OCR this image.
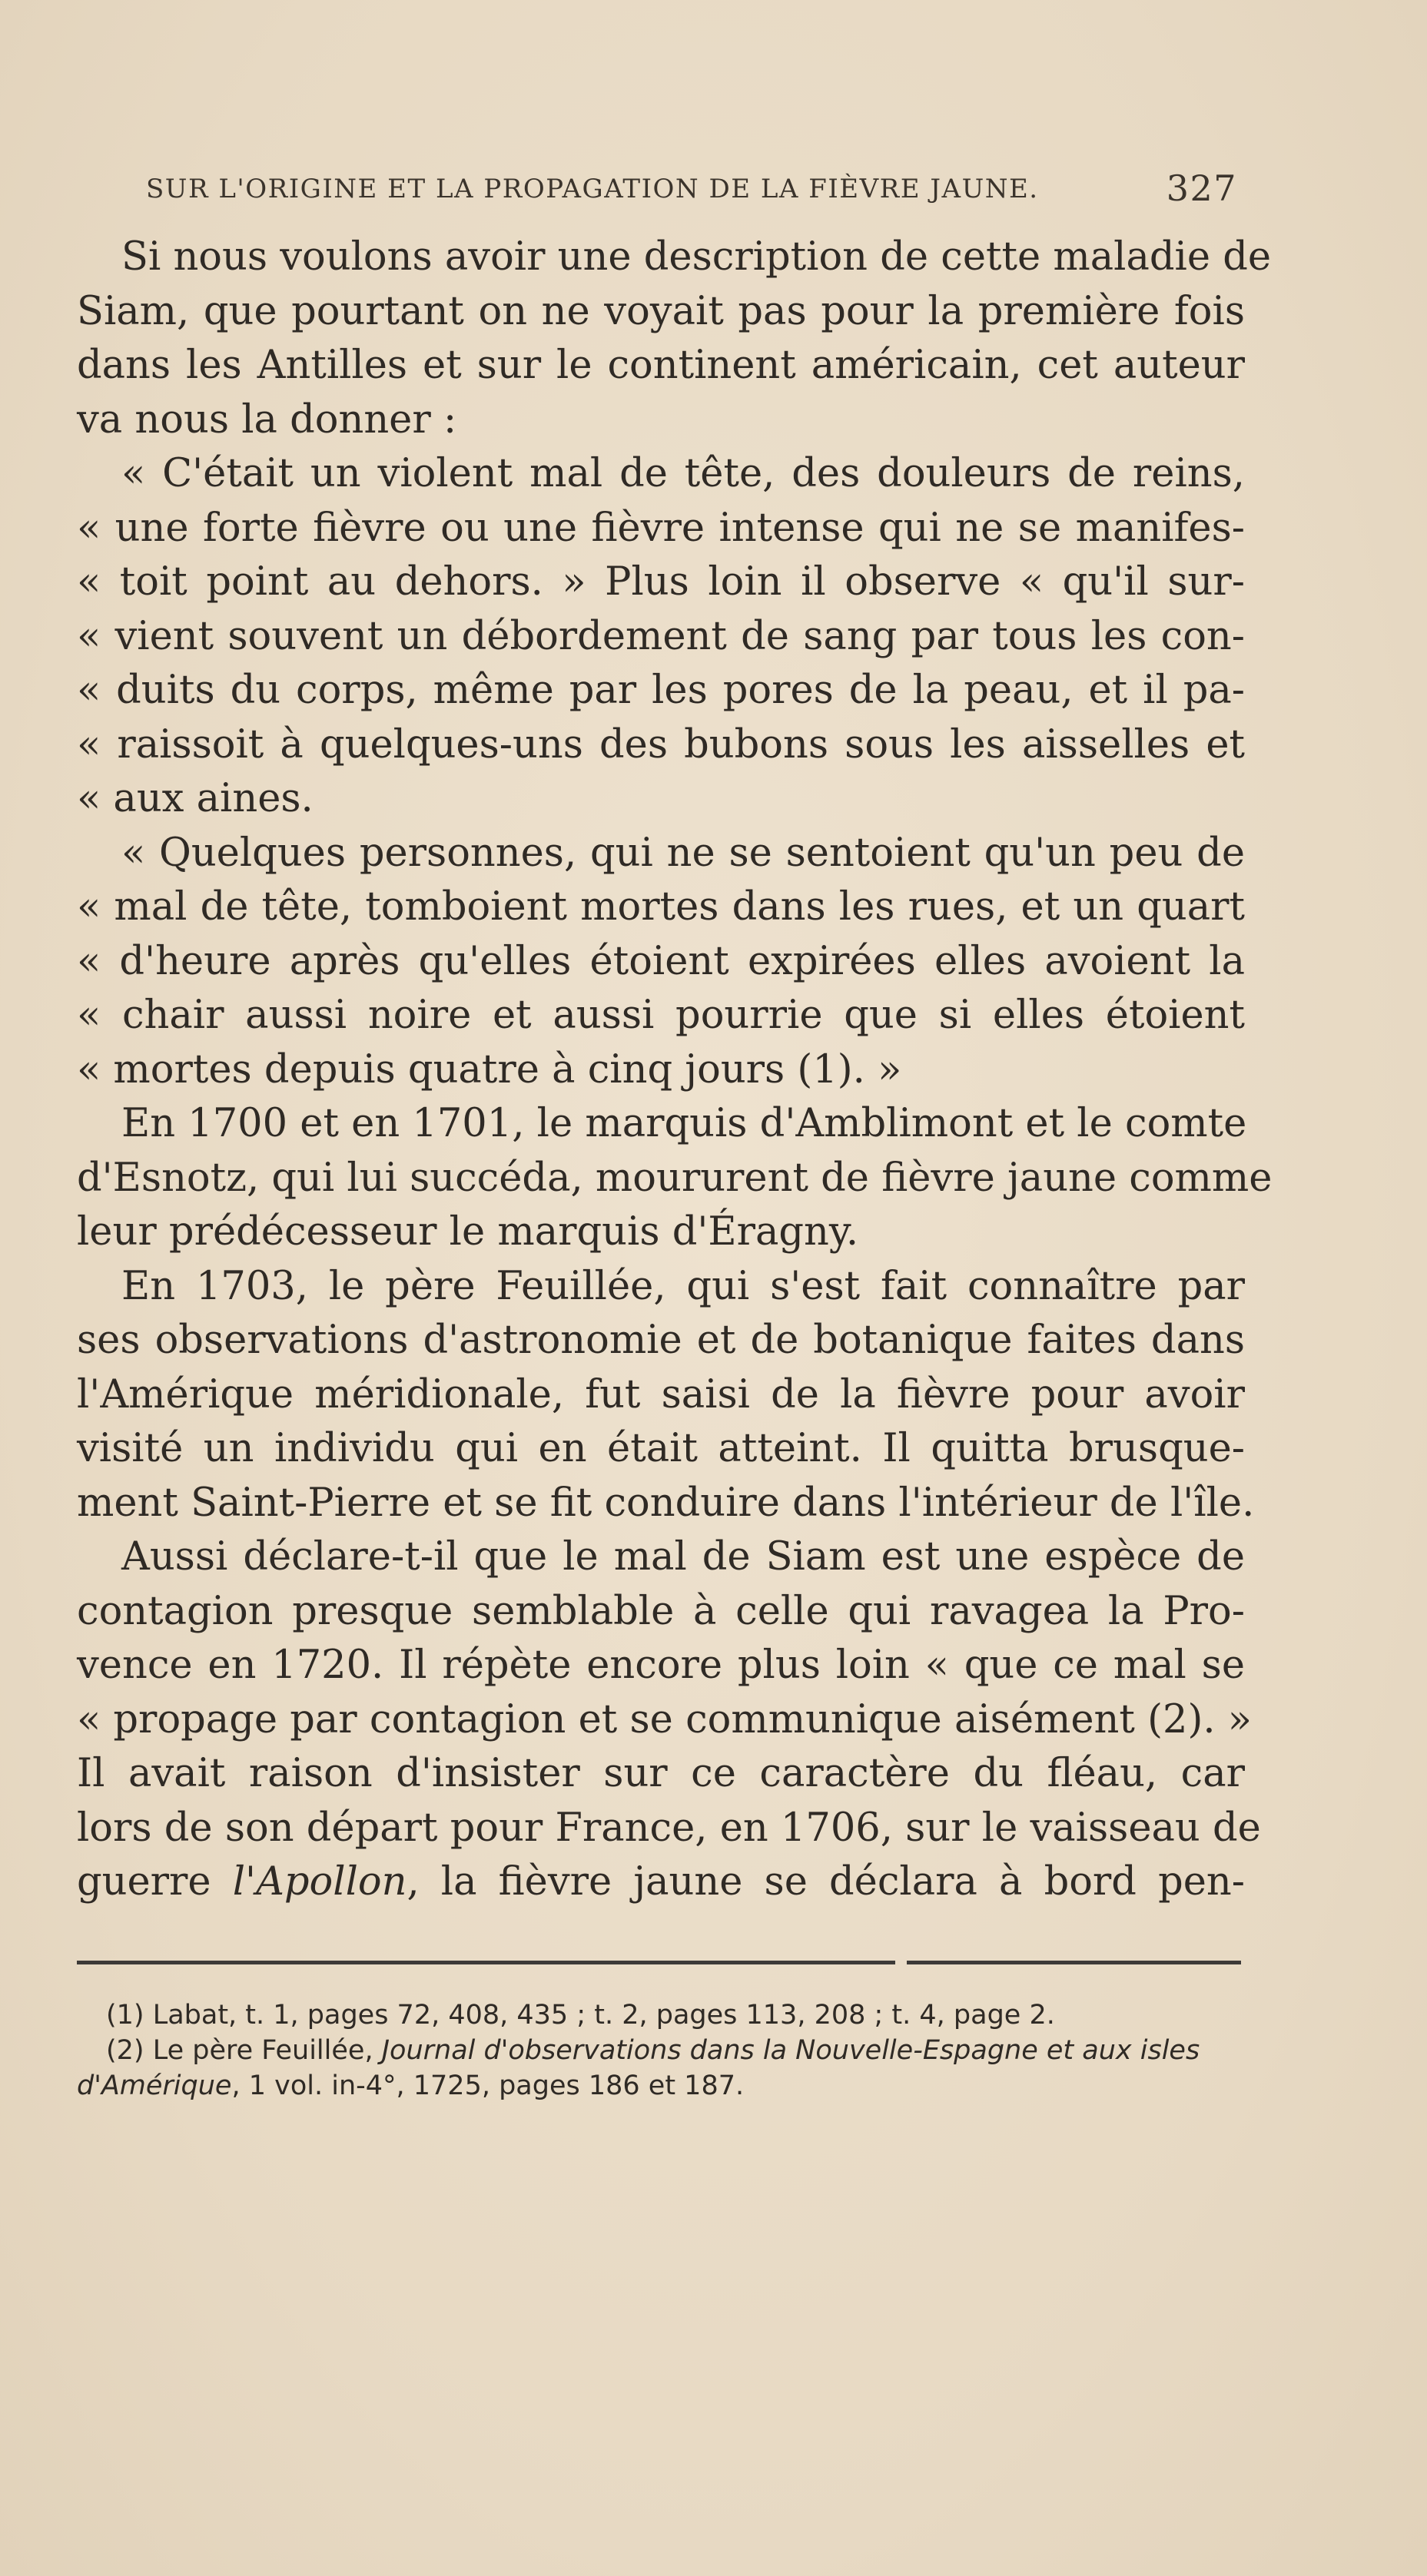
SUR L'ORIGINE ET LA PROPAGATION DE LA FIÈVRE JAUNE.	327
Si nous voulons avoir une description de cette maladie de
Siam, que pourtant on ne voyait pas pour la première fois
dans les Antilles et sur le continent américain, cet auteur
va nous la donner :
« C'était un violent mal de tête, des douleurs de reins,
« une forte fièvre ou une fièvre intense qui ne se manifes-
« toit point au dehors. » Plus loin il observe « qu'il sur-
« vient souvent un débordement de sang par tous les con-
« duits du corps, même par les pores de la peau, et il pa-
« raissoit à quelques-uns des bubons sous les aisselles et
« aux aines.
« Quelques personnes, qui ne se sentoient qu'un peu de
« mal de tête, tomboient mortes dans les rues, et un quart
« d'heure après qu'elles étoient expirées elles avoient la
« chair aussi noire et aussi pourrie que si elles étoient
« mortes depuis quatre à cinq jours (1). »
En 1700 et en 1701, le marquis d'Amblimont et le comte
d'Esnotz, qui lui succéda, moururent de fièvre jaune comme
leur prédécesseur le marquis d'Éragny.
En 1703, le père Feuillée, qui s'est fait connaître par
ses observations d'astronomie et de botanique faites dans
l'Amérique méridionale, fut saisi de la fièvre pour avoir
visité un individu qui en était atteint. Il quitta brusque-
ment Saint-Pierre et se fit conduire dans l'intérieur de l'île.
Aussi déclare-t-il que le mal de Siam est une espèce de
contagion presque semblable à celle qui ravagea la Pro-
vence en 1720. Il répète encore plus loin « que ce mal se
« propage par contagion et se communique aisément (2). »
Il avait raison d'insister sur ce caractère du fléau, car
lors de son départ pour France, en 1706, sur le vaisseau de
guerre l'Apollon, la fièvre jaune se déclara à bord pen-
(1) Labat, t. 1, pages 72, 408, 435 ; t. 2, pages 113, 208 ; t. 4, page 2.
(2) Le père Feuillée, Journal d'observations dans la Nouvelle-Espagne et aux isles
d'Amérique, 1 vol. in-4°, 1725, pages 186 et 187.
